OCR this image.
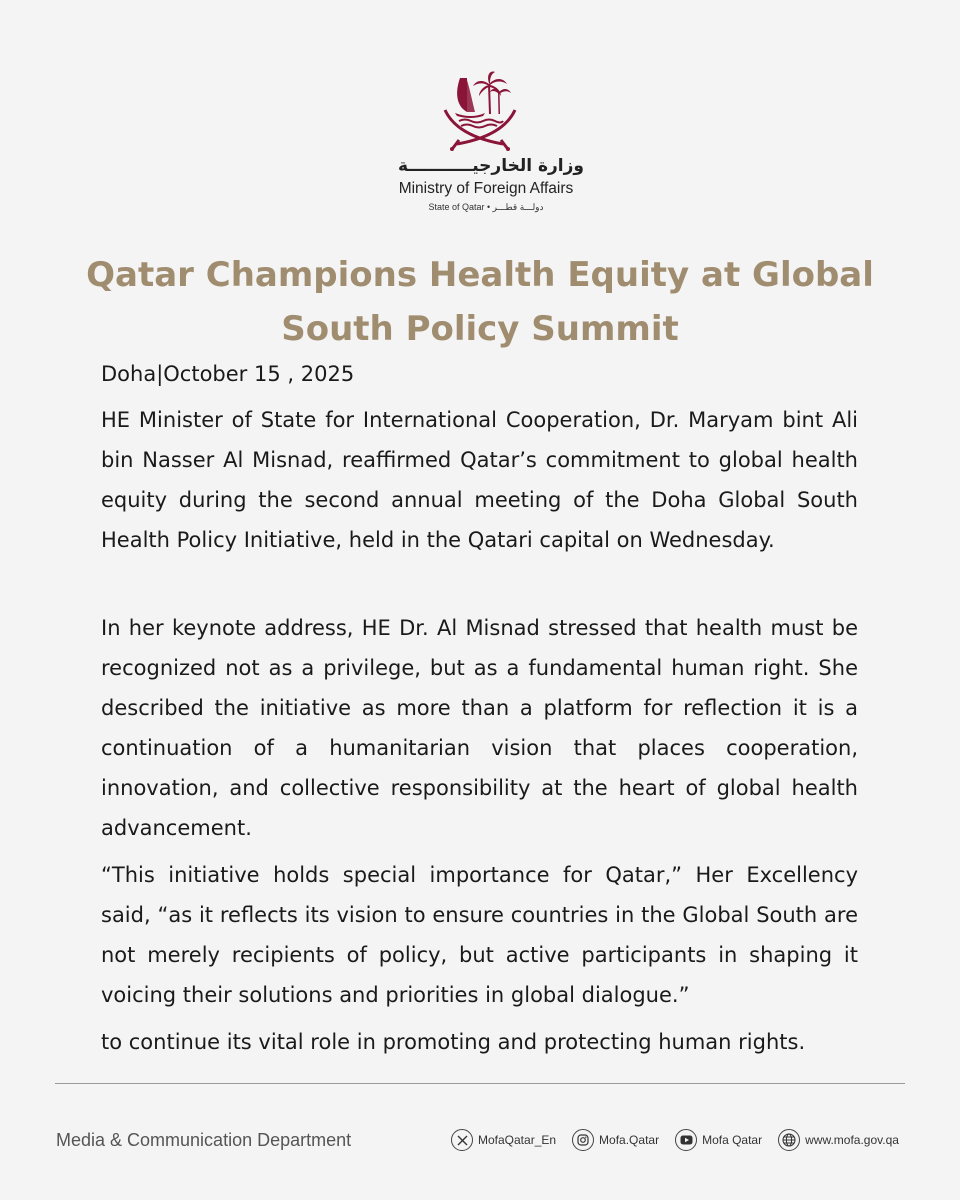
وزارة الخارجيـــــــــــة
Ministry of Foreign Affairs
State of Qatar • دولـــة قطـــر
Qatar Champions Health Equity at Global South Policy Summit
Doha|October 15 , 2025

HE Minister of State for International Cooperation, Dr. Maryam bint Ali bin Nasser Al Misnad, reaffirmed Qatar’s commitment to global health equity during the second annual meeting of the Doha Global South Health Policy Initiative, held in the Qatari capital on Wednesday.

In her keynote address, HE Dr. Al Misnad stressed that health must be recognized not as a privilege, but as a fundamental human right. She described the initiative as more than a platform for reflection it is a continuation of a humanitarian vision that places cooperation, innovation, and collective responsibility at the heart of global health advancement.

“This initiative holds special importance for Qatar,” Her Excellency said, “as it reflects its vision to ensure countries in the Global South are not merely recipients of policy, but active participants in shaping it voicing their solutions and priorities in global dialogue.”

to continue its vital role in promoting and protecting human rights.

Media & Communication Department	MofaQatar_En	Mofa.Qatar	Mofa Qatar	www.mofa.gov.qa
